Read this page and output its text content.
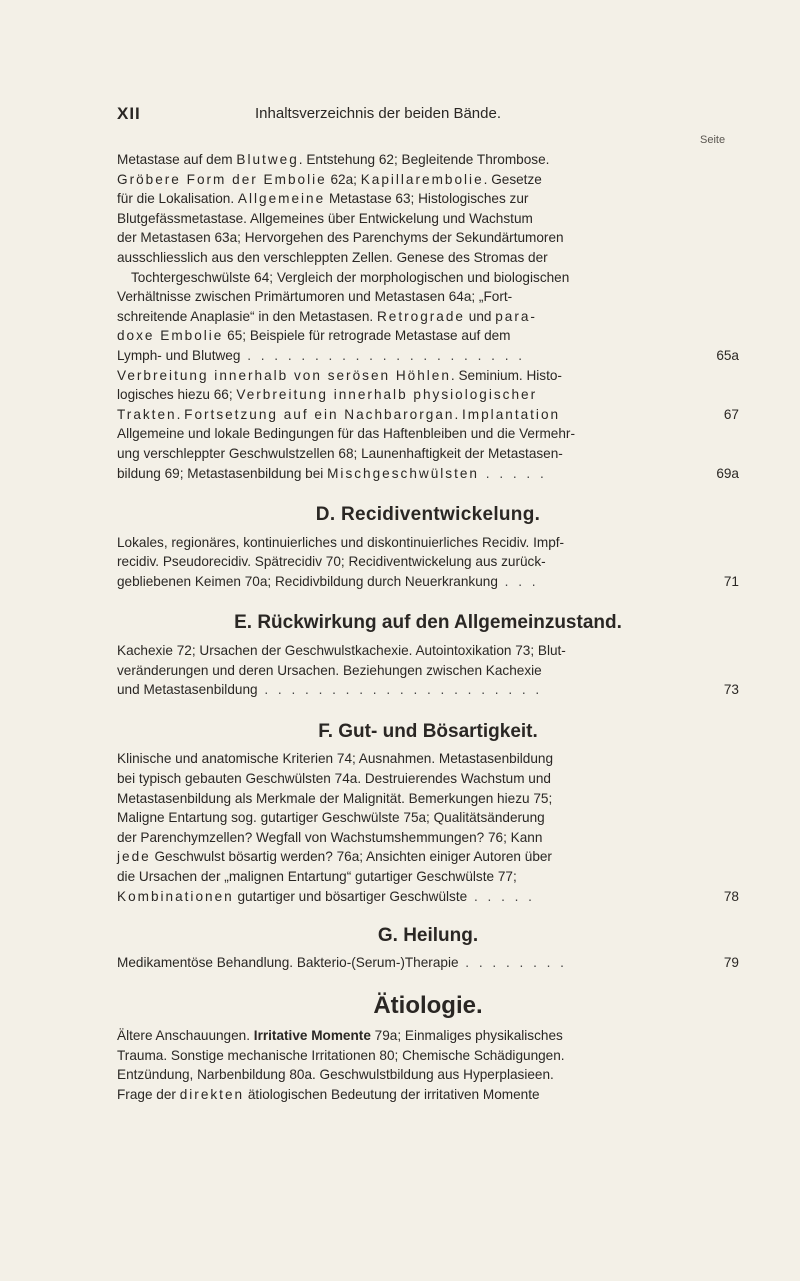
XII	Inhaltsverzeichnis der beiden Bände.
Seite

Metastase auf dem Blutweg. Entstehung 62; Begleitende Thrombose.
Gröbere Form der Embolie 62a; Kapillarembolie. Gesetze
für die Lokalisation. Allgemeine Metastase 63; Histologisches zur
Blutgefässmetastase. Allgemeines über Entwickelung und Wachstum
der Metastasen 63a; Hervorgehen des Parenchyms der Sekundärtumoren
ausschliesslich aus den verschleppten Zellen. Genese des Stromas der
Tochtergeschwülste 64; Vergleich der morphologischen und biologischen
Verhältnisse zwischen Primärtumoren und Metastasen 64a; „Fort-
schreitende Anaplasie“ in den Metastasen. Retrograde und para-
doxe Embolie 65; Beispiele für retrograde Metastase auf dem
Lymph- und Blutweg . . . . . . . . . . . . . . . . . . . . .	65a

Verbreitung innerhalb von serösen Höhlen. Seminium. Histo-
logisches hiezu 66; Verbreitung innerhalb physiologischer
Trakten. Fortsetzung auf ein Nachbarorgan. Implantation	67

Allgemeine und lokale Bedingungen für das Haftenbleiben und die Vermehr-
ung verschleppter Geschwulstzellen 68; Launenhaftigkeit der Metastasen-
bildung 69; Metastasenbildung bei Mischgeschwülsten . . . . .	69a

D. Recidiventwickelung.

Lokales, regionäres, kontinuierliches und diskontinuierliches Recidiv. Impf-
recidiv. Pseudorecidiv. Spätrecidiv 70; Recidiventwickelung aus zurück-
gebliebenen Keimen 70a; Recidivbildung durch Neuerkrankung . . .	71

E. Rückwirkung auf den Allgemeinzustand.

Kachexie 72; Ursachen der Geschwulstkachexie. Autointoxikation 73; Blut-
veränderungen und deren Ursachen. Beziehungen zwischen Kachexie
und Metastasenbildung . . . . . . . . . . . . . . . . . . . . .	73

F. Gut- und Bösartigkeit.

Klinische und anatomische Kriterien 74; Ausnahmen. Metastasenbildung
bei typisch gebauten Geschwülsten 74a. Destruierendes Wachstum und
Metastasenbildung als Merkmale der Malignität. Bemerkungen hiezu 75;
Maligne Entartung sog. gutartiger Geschwülste 75a; Qualitätsänderung
der Parenchymzellen? Wegfall von Wachstumshemmungen? 76; Kann
jede Geschwulst bösartig werden? 76a; Ansichten einiger Autoren über
die Ursachen der „malignen Entartung“ gutartiger Geschwülste 77;
Kombinationen gutartiger und bösartiger Geschwülste . . . . .	78

G. Heilung.

Medikamentöse Behandlung. Bakterio-(Serum-)Therapie . . . . . . . .	79

Ätiologie.

Ältere Anschauungen. Irritative Momente 79a; Einmaliges physikalisches
Trauma. Sonstige mechanische Irritationen 80; Chemische Schädigungen.
Entzündung, Narbenbildung 80a. Geschwulstbildung aus Hyperplasieen.
Frage der direkten ätiologischen Bedeutung der irritativen Momente
